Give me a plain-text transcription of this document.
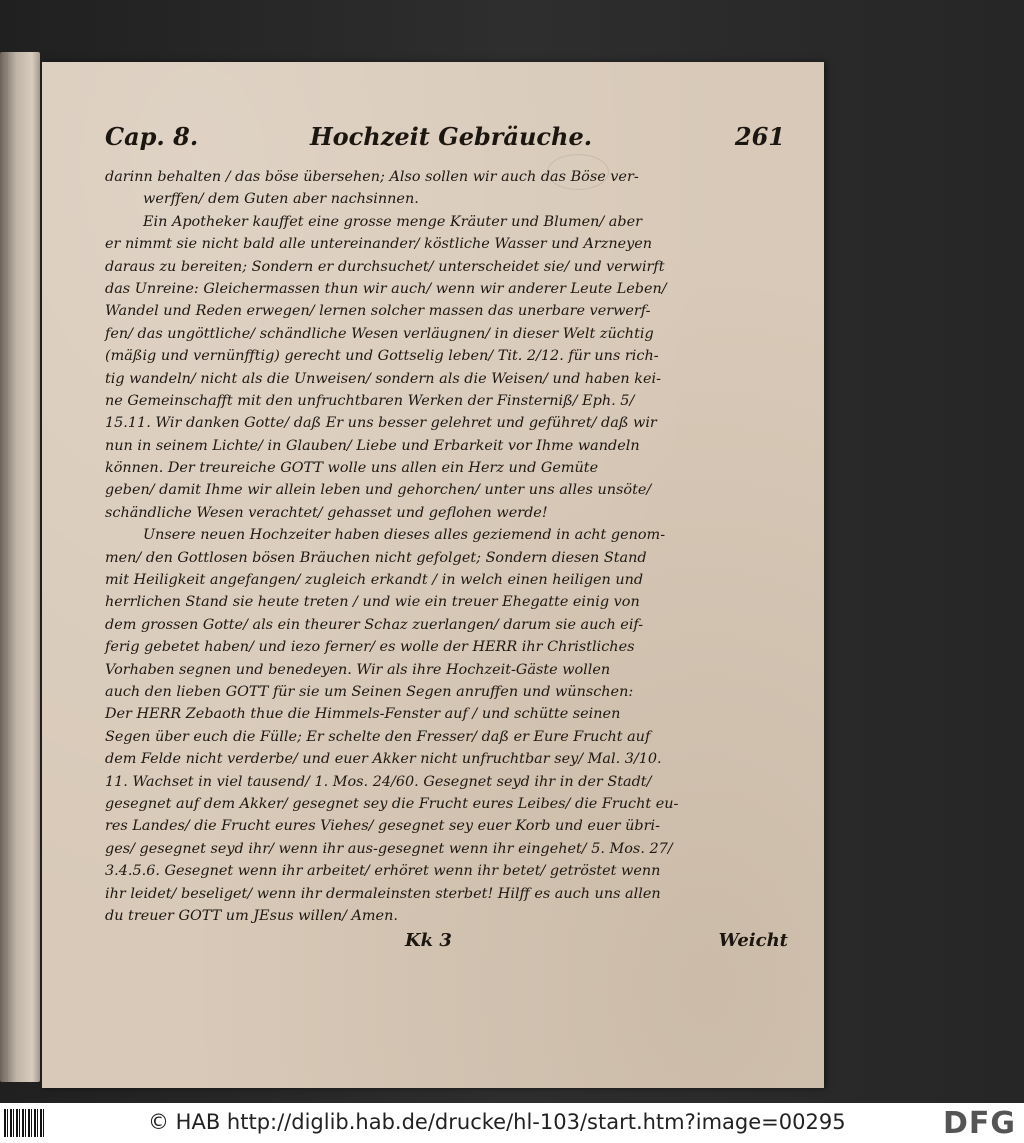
Cap. 8.	Hochzeit Gebräuche.	261
darinn behalten / das böse übersehen; Also sollen wir auch das Böse ver-
werffen/ dem Guten aber nachsinnen.
Ein Apotheker kauffet eine grosse menge Kräuter und Blumen/ aber
er nimmt sie nicht bald alle untereinander/ köstliche Wasser und Arzneyen
daraus zu bereiten; Sondern er durchsuchet/ unterscheidet sie/ und verwirft
das Unreine: Gleichermassen thun wir auch/ wenn wir anderer Leute Leben/
Wandel und Reden erwegen/ lernen solcher massen das unerbare verwerf-
fen/ das ungöttliche/ schändliche Wesen verläugnen/ in dieser Welt züchtig
(mäßig und vernünfftig) gerecht und Gottselig leben/ Tit. 2/12. für uns rich-
tig wandeln/ nicht als die Unweisen/ sondern als die Weisen/ und haben kei-
ne Gemeinschafft mit den unfruchtbaren Werken der Finsterniß/ Eph. 5/
15.11. Wir danken Gotte/ daß Er uns besser gelehret und geführet/ daß wir
nun in seinem Lichte/ in Glauben/ Liebe und Erbarkeit vor Ihme wandeln
können. Der treureiche GOTT wolle uns allen ein Herz und Gemüte
geben/ damit Ihme wir allein leben und gehorchen/ unter uns alles unsöte/
schändliche Wesen verachtet/ gehasset und geflohen werde!
Unsere neuen Hochzeiter haben dieses alles geziemend in acht genom-
men/ den Gottlosen bösen Bräuchen nicht gefolget; Sondern diesen Stand
mit Heiligkeit angefangen/ zugleich erkandt / in welch einen heiligen und
herrlichen Stand sie heute treten / und wie ein treuer Ehegatte einig von
dem grossen Gotte/ als ein theurer Schaz zuerlangen/ darum sie auch eif-
ferig gebetet haben/ und iezo ferner/ es wolle der HERR ihr Christliches
Vorhaben segnen und benedeyen. Wir als ihre Hochzeit-Gäste wollen
auch den lieben GOTT für sie um Seinen Segen anruffen und wünschen:
Der HERR Zebaoth thue die Himmels-Fenster auf / und schütte seinen
Segen über euch die Fülle; Er schelte den Fresser/ daß er Eure Frucht auf
dem Felde nicht verderbe/ und euer Akker nicht unfruchtbar sey/ Mal. 3/10.
11. Wachset in viel tausend/ 1. Mos. 24/60. Gesegnet seyd ihr in der Stadt/
gesegnet auf dem Akker/ gesegnet sey die Frucht eures Leibes/ die Frucht eu-
res Landes/ die Frucht eures Viehes/ gesegnet sey euer Korb und euer übri-
ges/ gesegnet seyd ihr/ wenn ihr aus-gesegnet wenn ihr eingehet/ 5. Mos. 27/
3.4.5.6. Gesegnet wenn ihr arbeitet/ erhöret wenn ihr betet/ getröstet wenn
ihr leidet/ beseliget/ wenn ihr dermaleinsten sterbet! Hilff es auch uns allen
du treuer GOTT um JEsus willen/ Amen.
Kk 3	Weicht
© HAB http://diglib.hab.de/drucke/hl-103/start.htm?image=00295	DFG
